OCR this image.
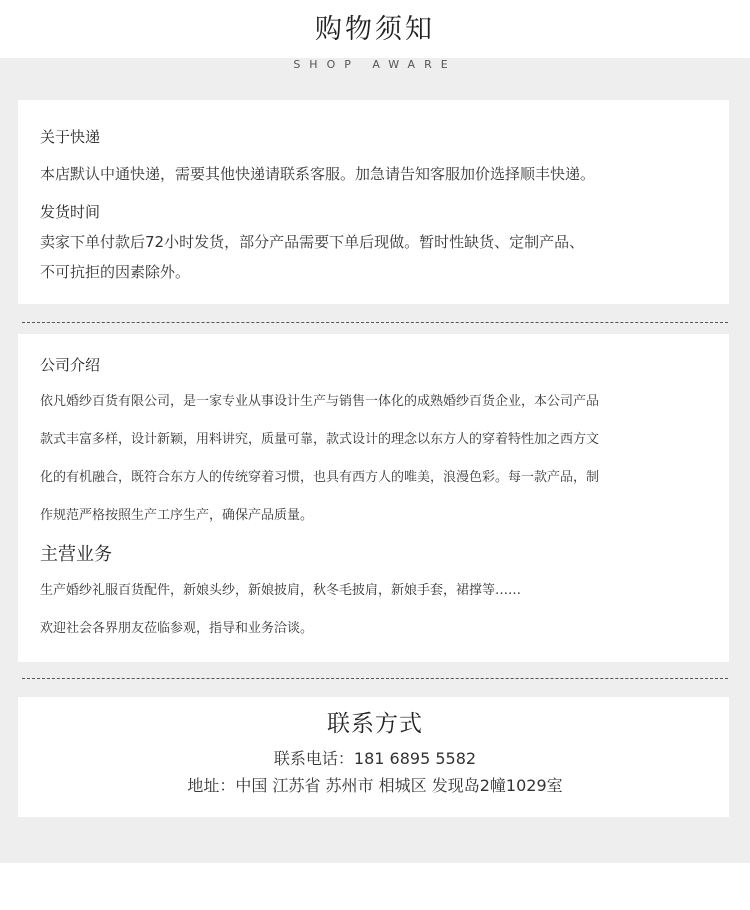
购物须知
SHOP AWARE
关于快递
本店默认中通快递，需要其他快递请联系客服。加急请告知客服加价选择顺丰快递。
发货时间
卖家下单付款后72小时发货，部分产品需要下单后现做。暂时性缺货、定制产品、
不可抗拒的因素除外。
公司介绍
依凡婚纱百货有限公司，是一家专业从事设计生产与销售一体化的成熟婚纱百货企业，本公司产品
款式丰富多样，设计新颖，用料讲究，质量可靠，款式设计的理念以东方人的穿着特性加之西方文
化的有机融合，既符合东方人的传统穿着习惯，也具有西方人的唯美，浪漫色彩。每一款产品，制
作规范严格按照生产工序生产，确保产品质量。
主营业务
生产婚纱礼服百货配件，新娘头纱，新娘披肩，秋冬毛披肩，新娘手套，裙撑等……
欢迎社会各界朋友莅临参观，指导和业务洽谈。
联系方式
联系电话：181 6895 5582
地址：中国 江苏省 苏州市 相城区 发现岛2幢1029室
